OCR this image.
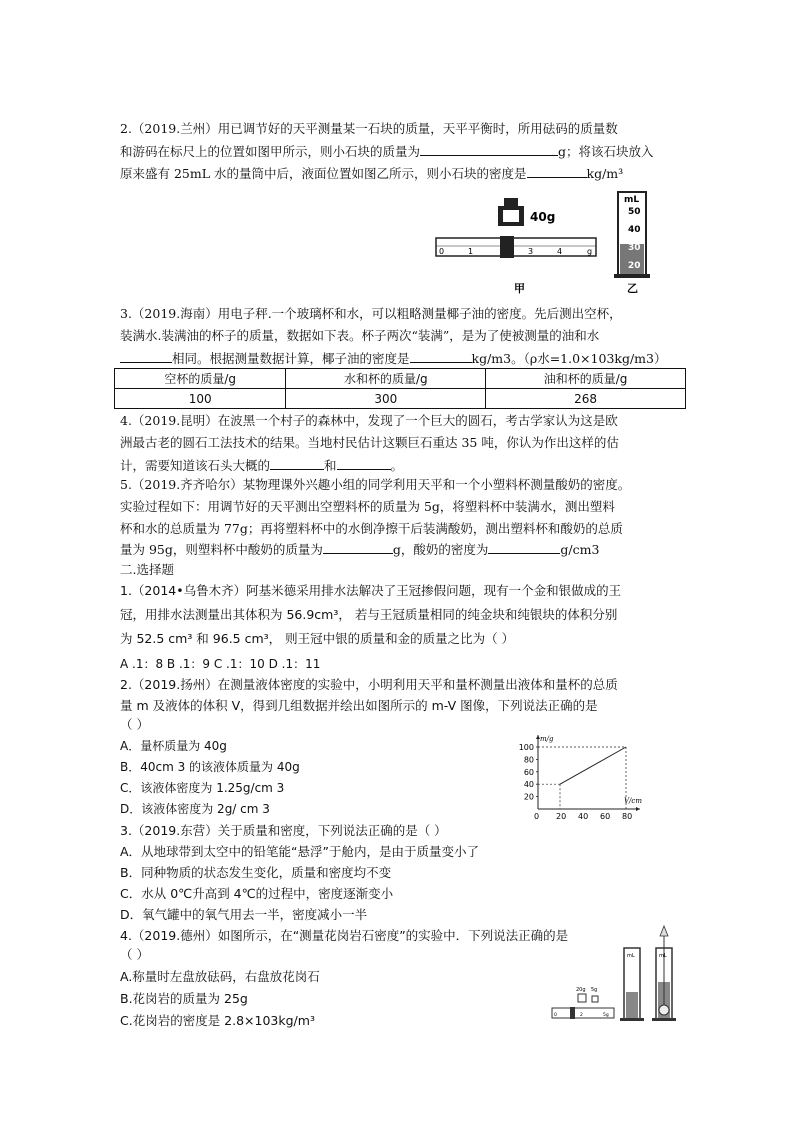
2.（2019.兰州）用已调节好的天平测量某一石块的质量，天平平衡时，所用砝码的质量数
和游码在标尺上的位置如图甲所示，则小石块的质量为	g；将该石块放入
原来盛有 25mL 水的量筒中后，液面位置如图乙所示，则小石块的密度是	kg/m³
40g
0	1	3	4	g
甲
mL
50
40
30
20
乙
3.（2019.海南）用电子秤.一个玻璃杯和水，可以粗略测量椰子油的密度。先后测出空杯，
装满水.装满油的杯子的质量，数据如下表。杯子两次“装满”，是为了使被测量的油和水
相同。根据测量数据计算，椰子油的密度是	kg/m3。（ρ水=1.0×103kg/m3）
空杯的质量/g	水和杯的质量/g	油和杯的质量/g
100	300	268
4.（2019.昆明）在波黑一个村子的森林中，发现了一个巨大的圆石，考古学家认为这是欧
洲最古老的圆石工法技术的结果。当地村民估计这颗巨石重达 35 吨，你认为作出这样的估
计，需要知道该石头大概的	和	。
5.（2019.齐齐哈尔）某物理课外兴趣小组的同学利用天平和一个小塑料杯测量酸奶的密度。
实验过程如下：用调节好的天平测出空塑料杯的质量为 5g，将塑料杯中装满水，测出塑料
杯和水的总质量为 77g；再将塑料杯中的水倒净擦干后装满酸奶，测出塑料杯和酸奶的总质
量为 95g，则塑料杯中酸奶的质量为	g，酸奶的密度为	g/cm3
二.选择题
1.（2014•乌鲁木齐）阿基米德采用排水法解决了王冠掺假问题，现有一个金和银做成的王
冠，用排水法测量出其体积为 56.9cm³， 若与王冠质量相同的纯金块和纯银块的体积分别
为 52.5 cm³ 和 96.5 cm³， 则王冠中银的质量和金的质量之比为（ ）
A .1：8 B .1：9 C .1：10 D .1：11
2.（2019.扬州）在测量液体密度的实验中，小明利用天平和量杯测量出液体和量杯的总质
量 m 及液体的体积 V，得到几组数据并绘出如图所示的 m-V 图像，下列说法正确的是
（ ）
A．量杯质量为 40g
B．40cm 3 的该液体质量为 40g
C．该液体密度为 1.25g/cm 3
D．该液体密度为 2g/ cm 3
0 20 40 60 80
20
40
60
80
100
m/g
V/cm
3.（2019.东营）关于质量和密度，下列说法正确的是（ ）
A．从地球带到太空中的铅笔能“悬浮”于舱内，是由于质量变小了
B．同种物质的状态发生变化，质量和密度均不变
C．水从 0℃升高到 4℃的过程中，密度逐渐变小
D．氧气罐中的氧气用去一半，密度减小一半
4.（2019.德州）如图所示，在“测量花岗岩石密度”的实验中．下列说法正确的是
（ ）
A.称量时左盘放砝码，右盘放花岗石
B.花岗岩的质量为 25g
C.花岗岩的密度是 2.8×103kg/m³
20g 5g
0	2	5g
mL	mL
